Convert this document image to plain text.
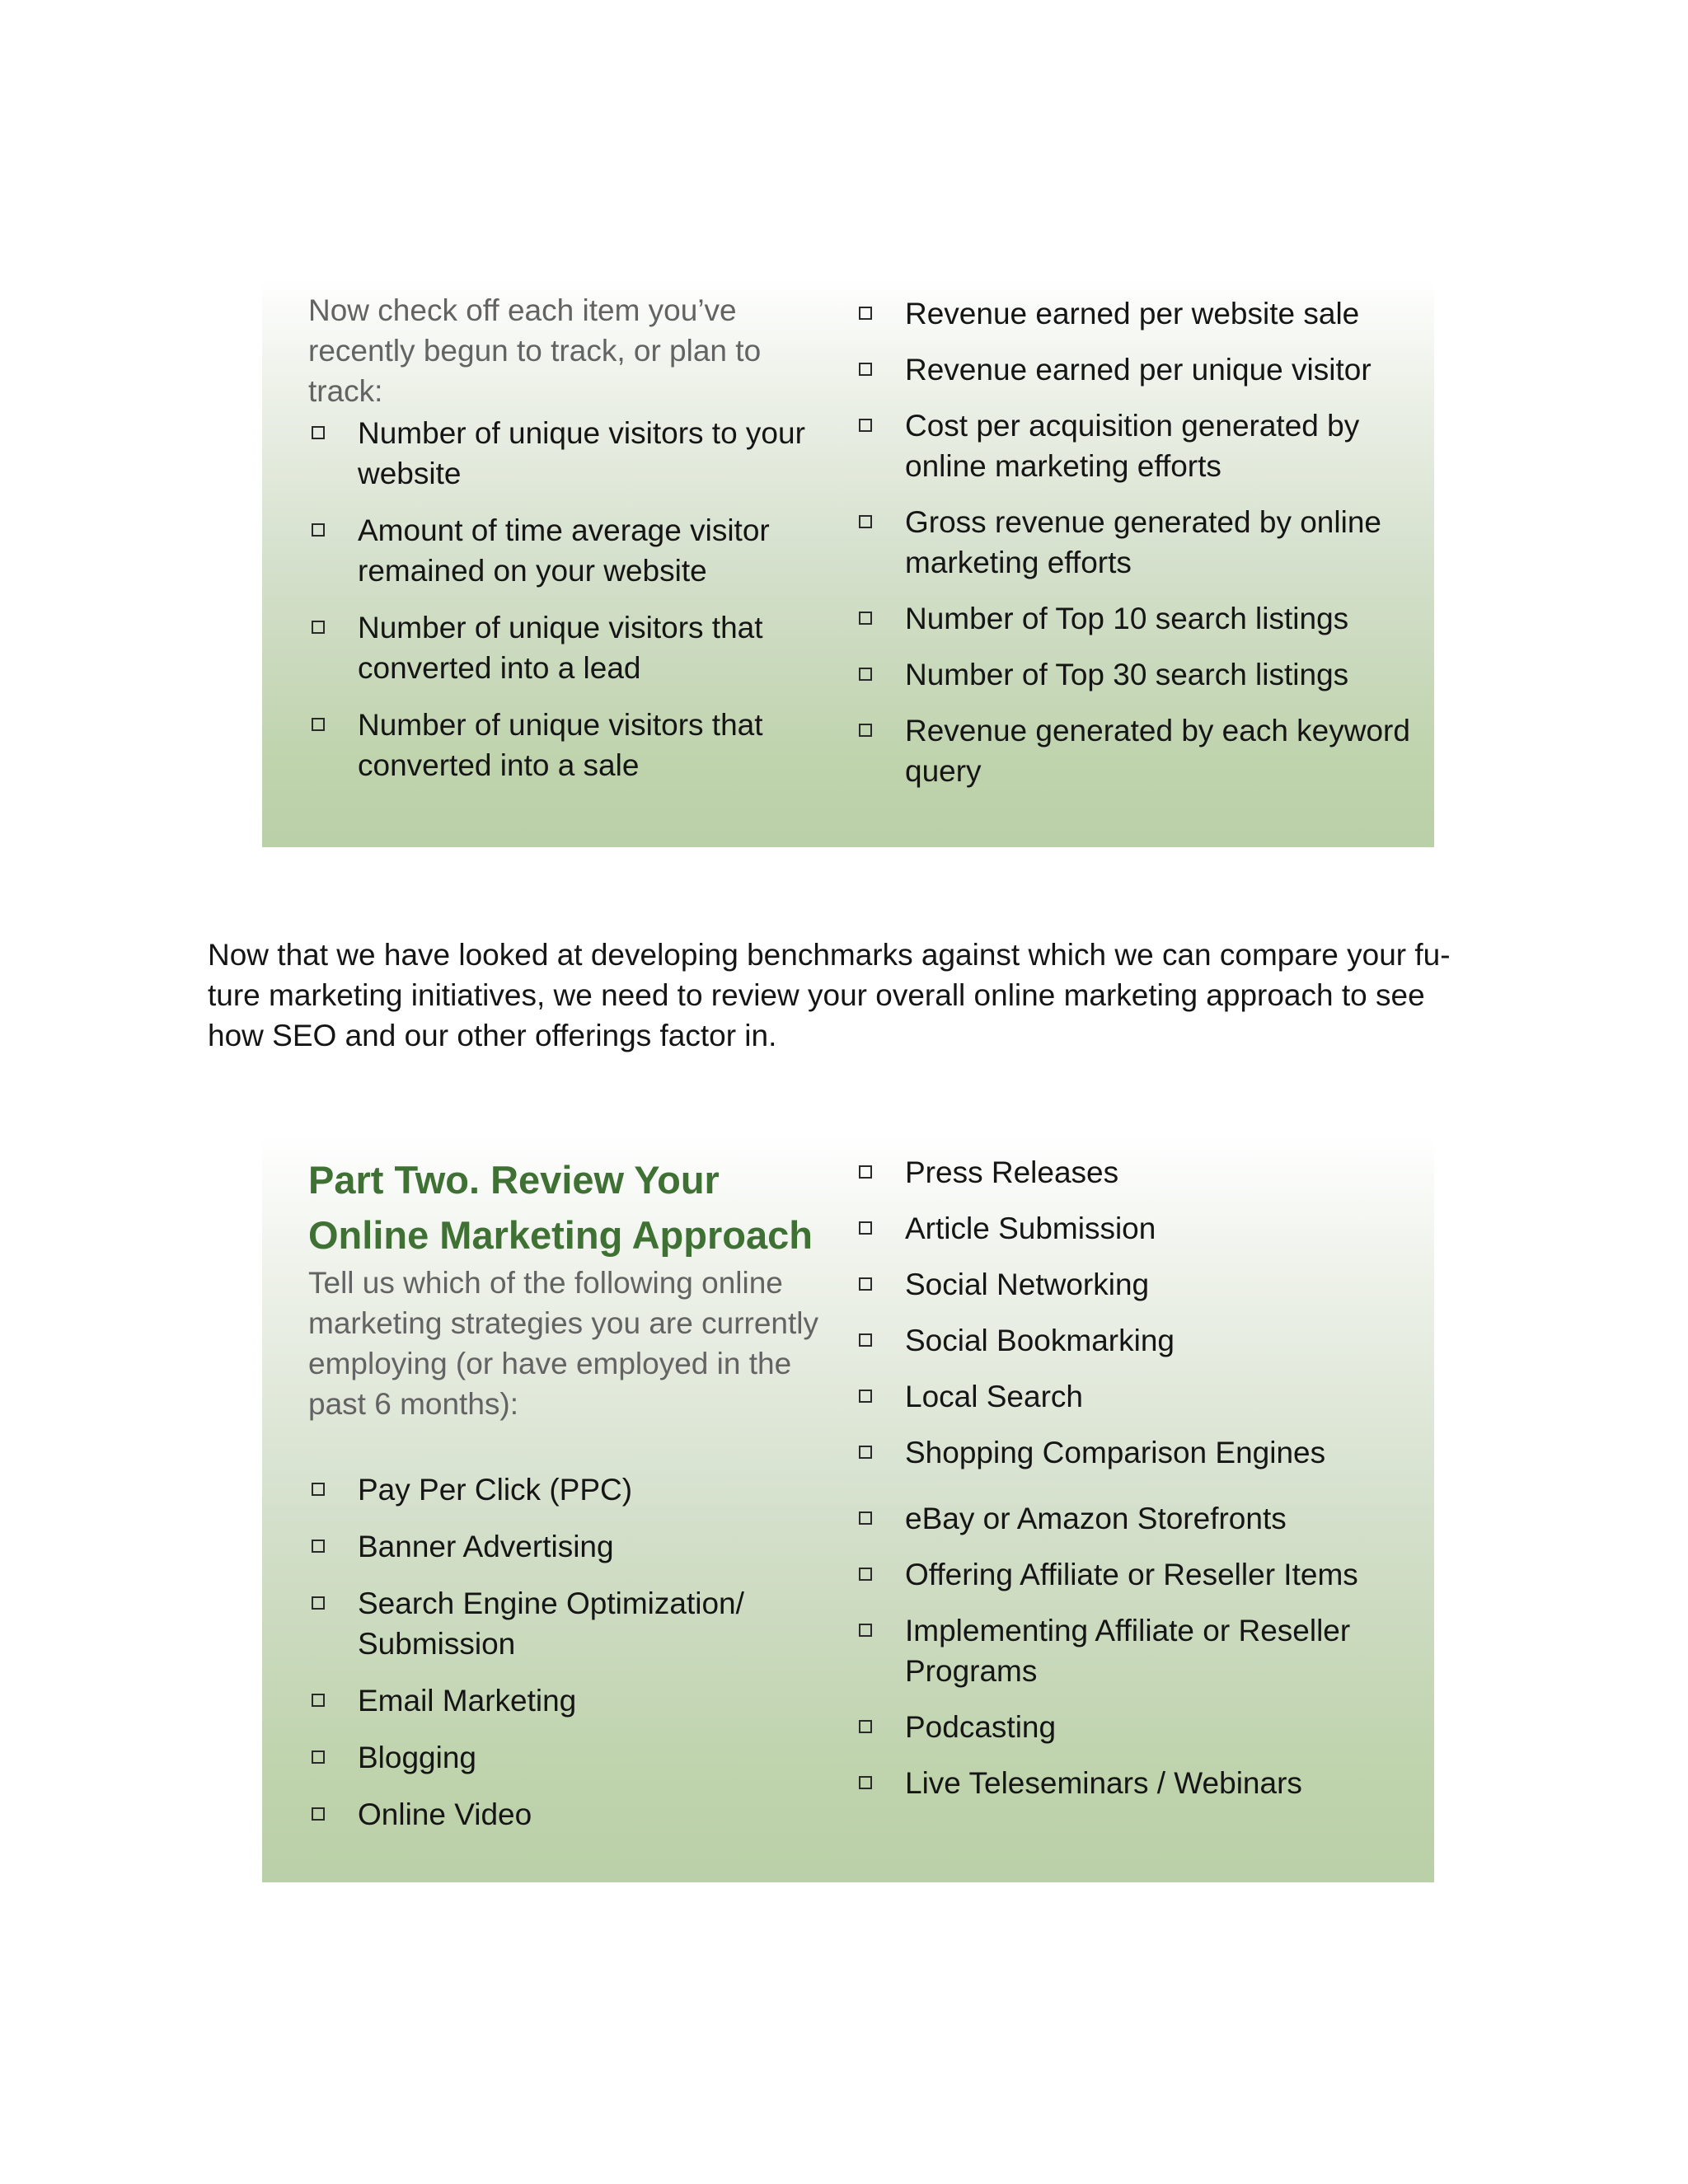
Now check off each item you’ve recently begun to track, or plan to track:

Number of unique visitors to your website
Amount of time average visitor remained on your website
Number of unique visitors that converted into a lead
Number of unique visitors that converted into a sale
Revenue earned per website sale
Revenue earned per unique visitor
Cost per acquisition generated by online marketing efforts
Gross revenue generated by online marketing efforts
Number of Top 10 search listings
Number of Top 30 search listings
Revenue generated by each keyword query

Now that we have looked at developing benchmarks against which we can compare your fu-ture marketing initiatives, we need to review your overall online marketing approach to see how SEO and our other offerings factor in.

Part Two. Review Your Online Marketing Approach

Tell us which of the following online marketing strategies you are currently employing (or have employed in the past 6 months):

Pay Per Click (PPC)
Banner Advertising
Search Engine Optimization/ Submission
Email Marketing
Blogging
Online Video
Press Releases
Article Submission
Social Networking
Social Bookmarking
Local Search
Shopping Comparison Engines
eBay or Amazon Storefronts
Offering Affiliate or Reseller Items
Implementing Affiliate or Reseller Programs
Podcasting
Live Teleseminars / Webinars
